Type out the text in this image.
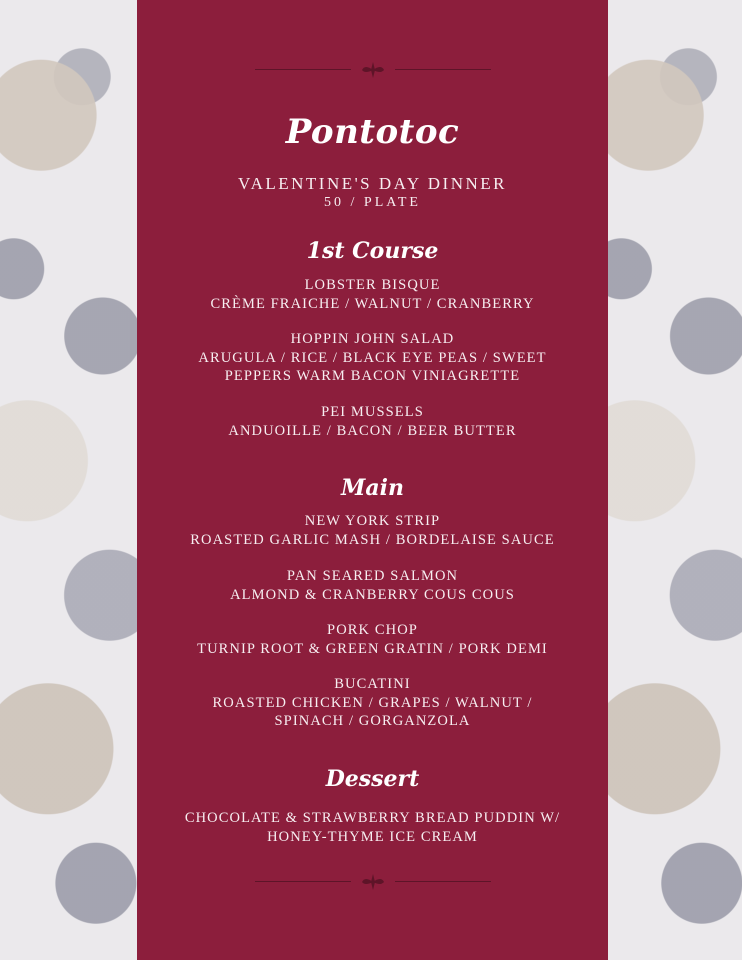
Pontotoc
VALENTINE'S DAY DINNER
50 / PLATE
1st Course
LOBSTER BISQUE
CRÈME FRAICHE / WALNUT / CRANBERRY
HOPPIN JOHN SALAD
ARUGULA / RICE / BLACK EYE PEAS / SWEET
PEPPERS WARM BACON VINIAGRETTE
PEI MUSSELS
ANDUOILLE / BACON / BEER BUTTER
Main
NEW YORK STRIP
ROASTED GARLIC MASH / BORDELAISE SAUCE
PAN SEARED SALMON
ALMOND & CRANBERRY COUS COUS
PORK CHOP
TURNIP ROOT & GREEN GRATIN / PORK DEMI
BUCATINI
ROASTED CHICKEN / GRAPES / WALNUT /
SPINACH / GORGANZOLA
Dessert
CHOCOLATE & STRAWBERRY BREAD PUDDIN W/
HONEY-THYME ICE CREAM
